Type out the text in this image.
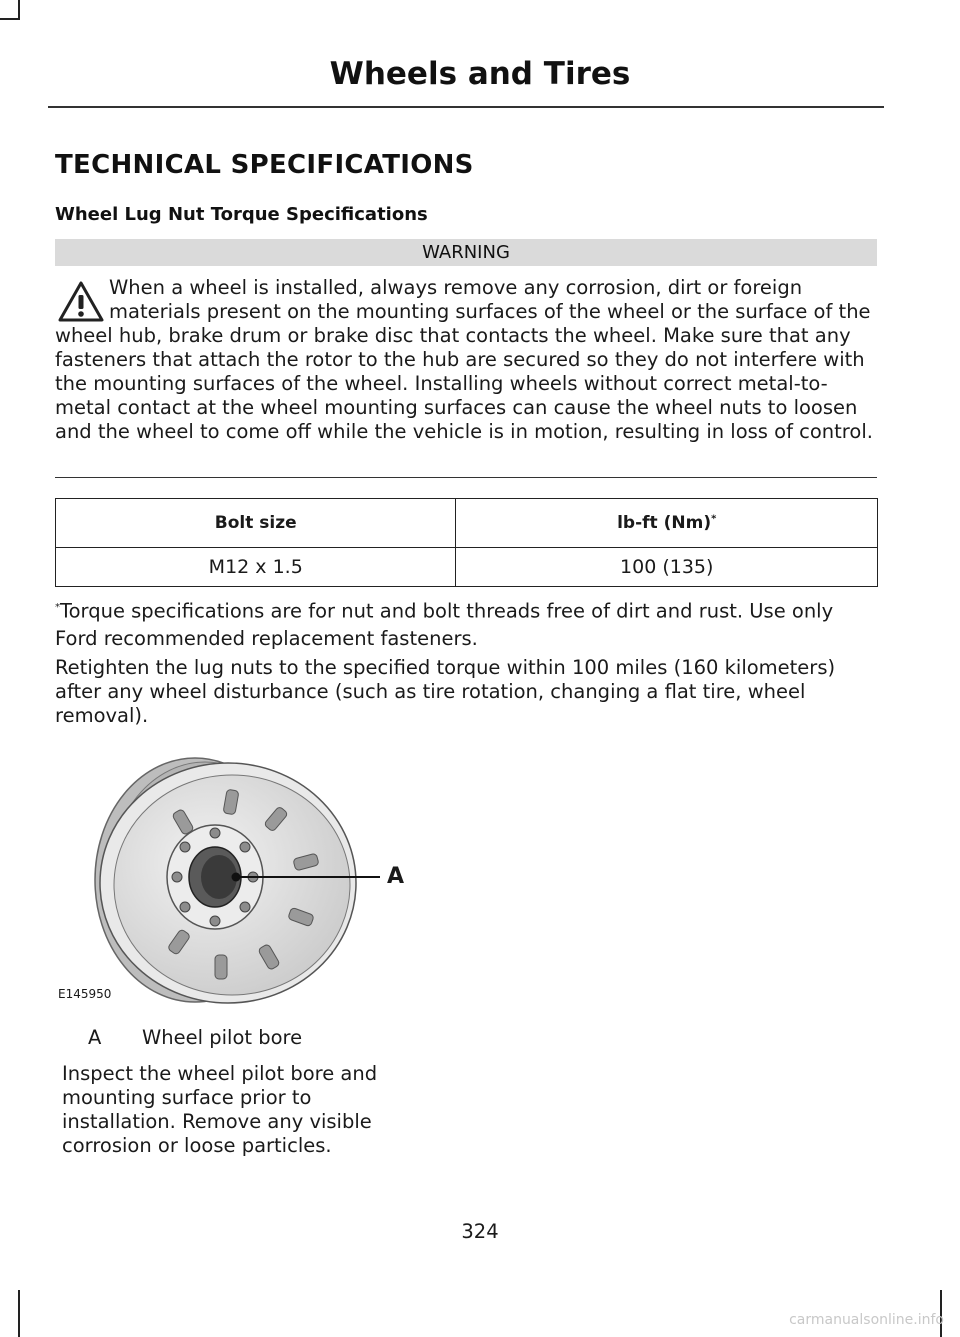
Wheels and Tires
TECHNICAL SPECIFICATIONS
Wheel Lug Nut Torque Specifications
WARNING

When a wheel is installed, always remove any corrosion, dirt or foreign materials present on the mounting surfaces of the wheel or the surface of the wheel hub, brake drum or brake disc that contacts the wheel. Make sure that any fasteners that attach the rotor to the hub are secured so they do not interfere with the mounting surfaces of the wheel. Installing wheels without correct metal-to-metal contact at the wheel mounting surfaces can cause the wheel nuts to loosen and the wheel to come off while the vehicle is in motion, resulting in loss of control.

Bolt size	lb-ft (Nm)*
M12 x 1.5	100 (135)

*Torque specifications are for nut and bolt threads free of dirt and rust. Use only Ford recommended replacement fasteners.

Retighten the lug nuts to the specified torque within 100 miles (160 kilometers) after any wheel disturbance (such as tire rotation, changing a flat tire, wheel removal).

E145950
A
A Wheel pilot bore

Inspect the wheel pilot bore and mounting surface prior to installation. Remove any visible corrosion or loose particles.

324
carmanualsonline.info
